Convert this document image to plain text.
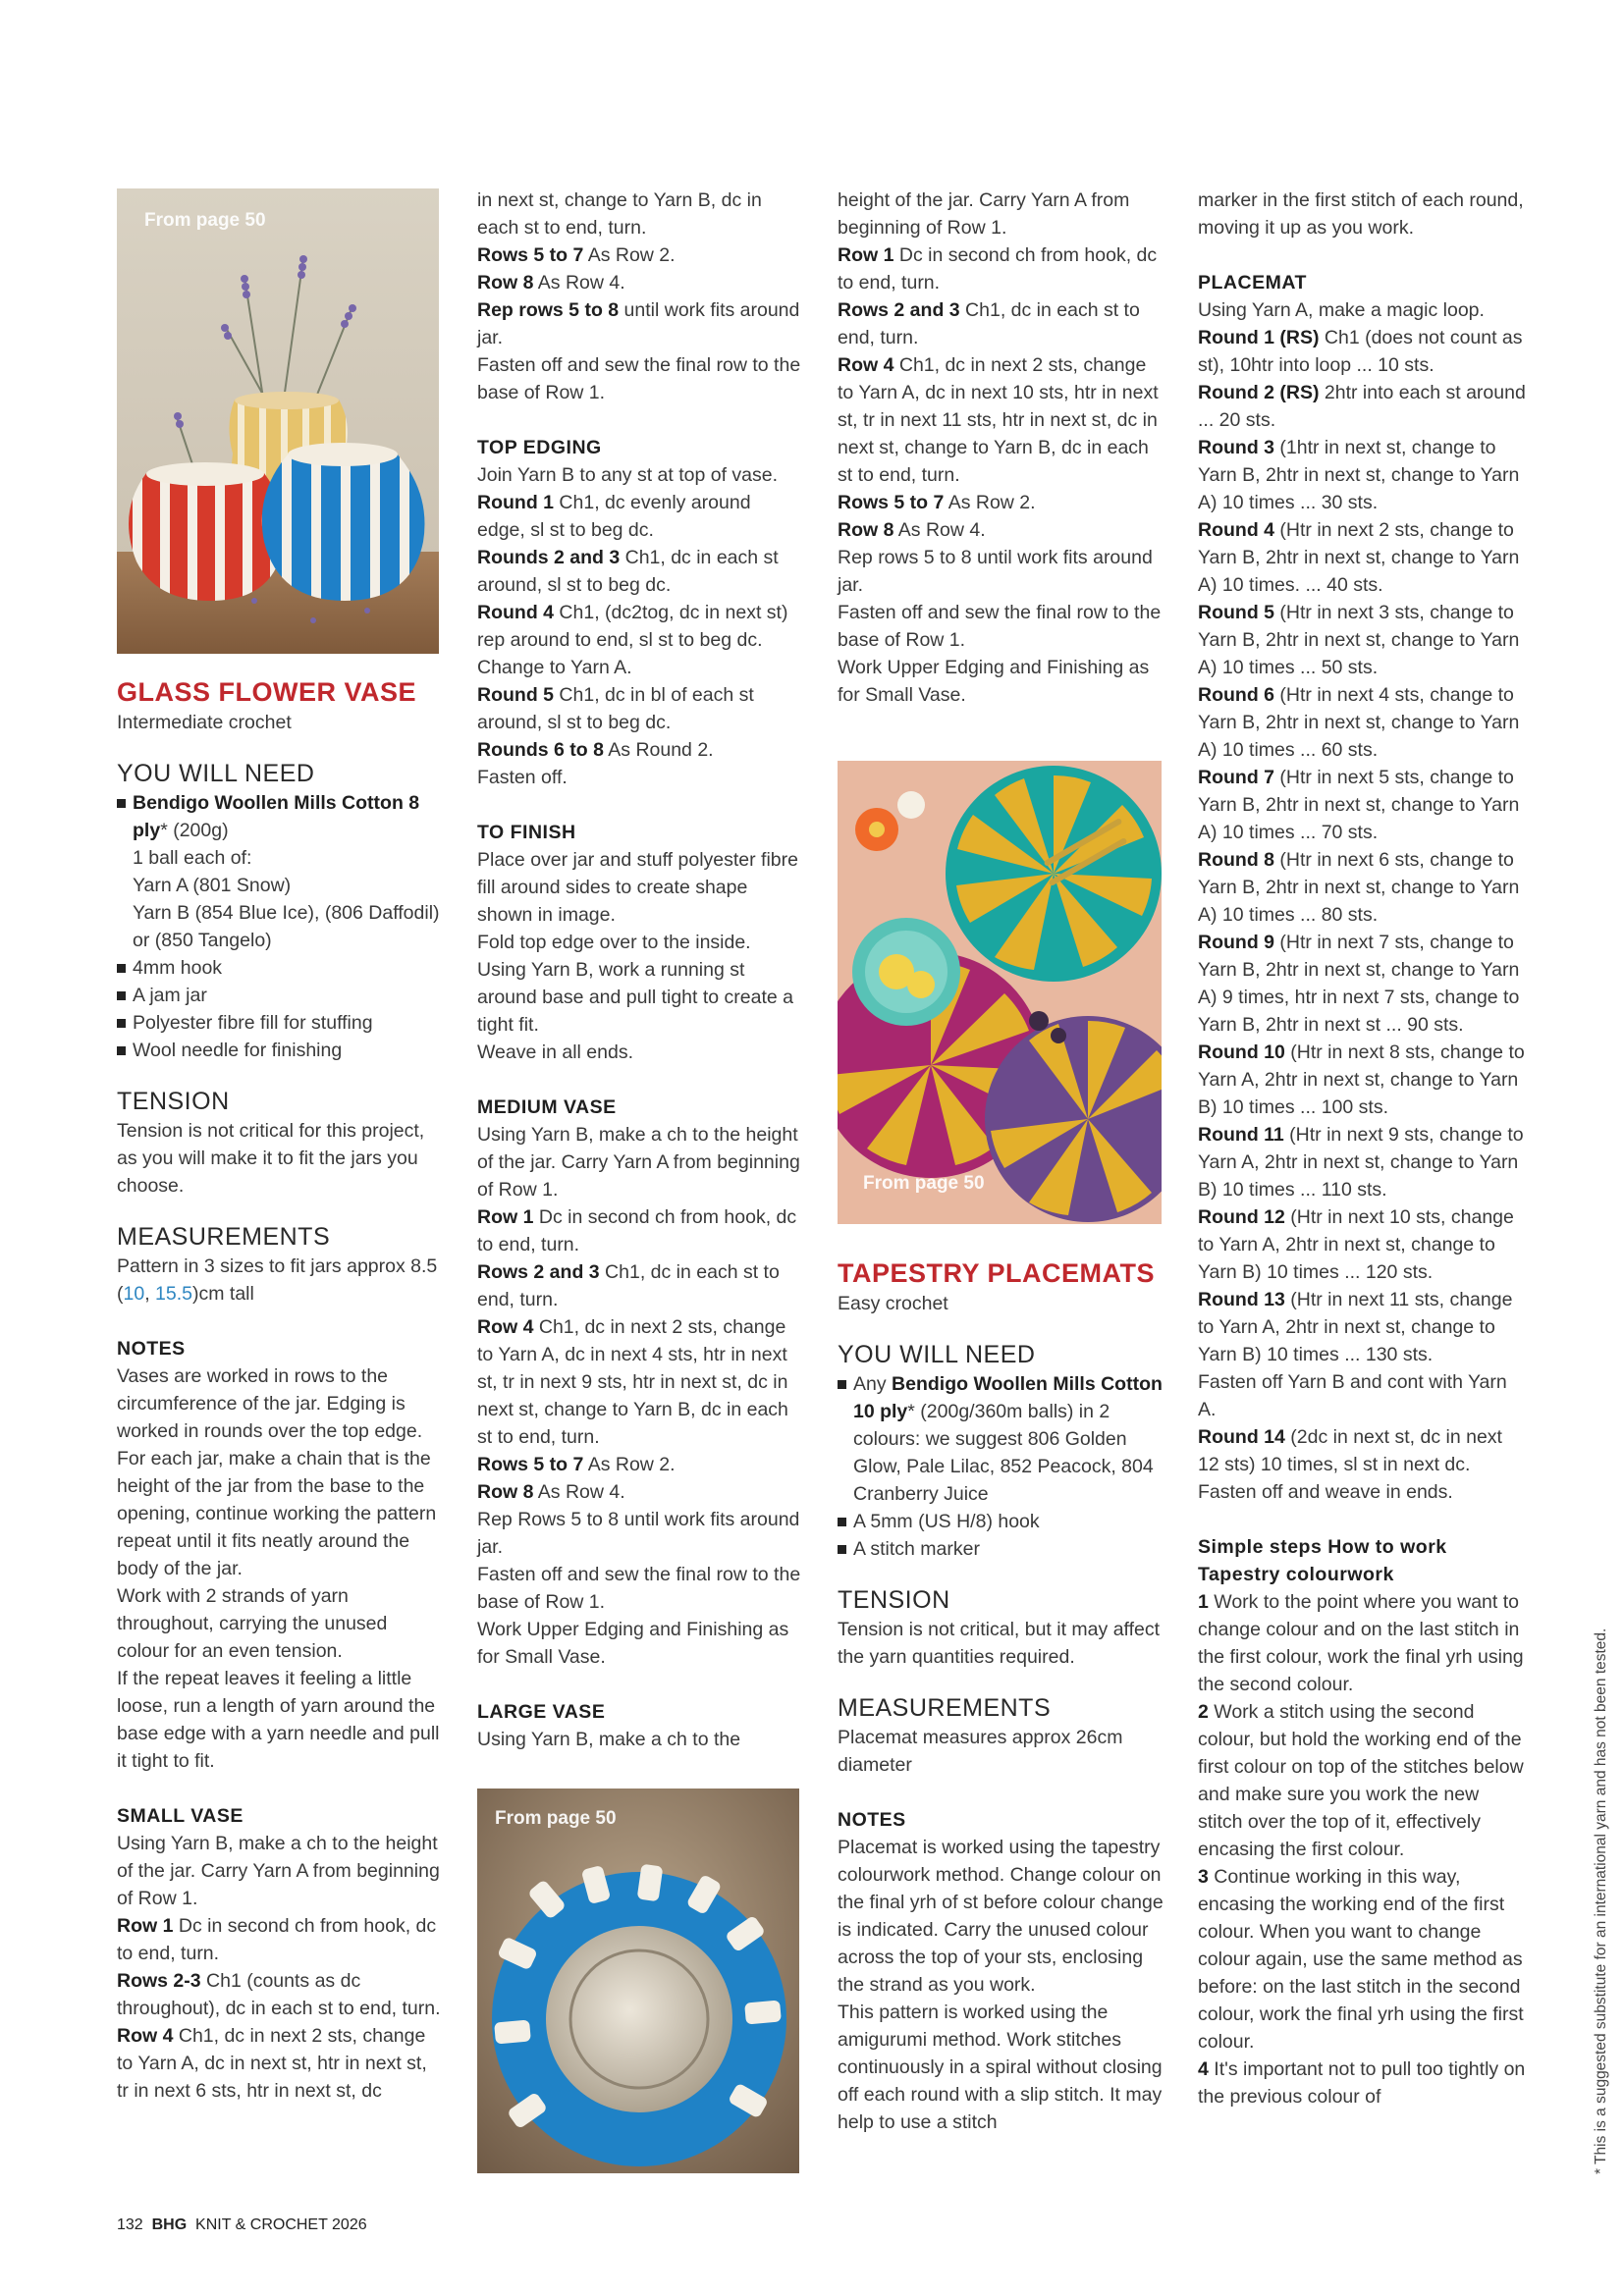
From page 50

GLASS FLOWER VASE

Intermediate crochet

YOU WILL NEED

Bendigo Woollen Mills Cotton 8 ply* (200g)

1 ball each of:

Yarn A (801 Snow)

Yarn B (854 Blue Ice), (806 Daffodil) or (850 Tangelo)

4mm hook

A jam jar

Polyester fibre fill for stuffing

Wool needle for finishing

TENSION

Tension is not critical for this project, as you will make it to fit the jars you choose.

MEASUREMENTS

Pattern in 3 sizes to fit jars approx 8.5 (10, 15.5)cm tall

NOTES

Vases are worked in rows to the circumference of the jar. Edging is worked in rounds over the top edge.

For each jar, make a chain that is the height of the jar from the base to the opening, continue working the pattern repeat until it fits neatly around the body of the jar.

Work with 2 strands of yarn throughout, carrying the unused colour for an even tension.

If the repeat leaves it feeling a little loose, run a length of yarn around the base edge with a yarn needle and pull it tight to fit.

SMALL VASE

Using Yarn B, make a ch to the height of the jar. Carry Yarn A from beginning of Row 1.

Row 1 Dc in second ch from hook, dc to end, turn.

Rows 2-3 Ch1 (counts as dc throughout), dc in each st to end, turn.

Row 4 Ch1, dc in next 2 sts, change to Yarn A, dc in next st, htr in next st, tr in next 6 sts, htr in next st, dc

in next st, change to Yarn B, dc in each st to end, turn.

Rows 5 to 7 As Row 2.

Row 8 As Row 4.

Rep rows 5 to 8 until work fits around jar.

Fasten off and sew the final row to the base of Row 1.

TOP EDGING

Join Yarn B to any st at top of vase.

Round 1 Ch1, dc evenly around edge, sl st to beg dc.

Rounds 2 and 3 Ch1, dc in each st around, sl st to beg dc.

Round 4 Ch1, (dc2tog, dc in next st) rep around to end, sl st to beg dc. Change to Yarn A.

Round 5 Ch1, dc in bl of each st around, sl st to beg dc.

Rounds 6 to 8 As Round 2.

Fasten off.

TO FINISH

Place over jar and stuff polyester fibre fill around sides to create shape shown in image.

Fold top edge over to the inside.

Using Yarn B, work a running st around base and pull tight to create a tight fit.

Weave in all ends.

MEDIUM VASE

Using Yarn B, make a ch to the height of the jar. Carry Yarn A from beginning of Row 1.

Row 1 Dc in second ch from hook, dc to end, turn.

Rows 2 and 3 Ch1, dc in each st to end, turn.

Row 4 Ch1, dc in next 2 sts, change to Yarn A, dc in next 4 sts, htr in next st, tr in next 9 sts, htr in next st, dc in next st, change to Yarn B, dc in each st to end, turn.

Rows 5 to 7 As Row 2.

Row 8 As Row 4.

Rep Rows 5 to 8 until work fits around jar.

Fasten off and sew the final row to the base of Row 1.

Work Upper Edging and Finishing as for Small Vase.

LARGE VASE

Using Yarn B, make a ch to the

From page 50

height of the jar. Carry Yarn A from beginning of Row 1.

Row 1 Dc in second ch from hook, dc to end, turn.

Rows 2 and 3 Ch1, dc in each st to end, turn.

Row 4 Ch1, dc in next 2 sts, change to Yarn A, dc in next 10 sts, htr in next st, tr in next 11 sts, htr in next st, dc in next st, change to Yarn B, dc in each st to end, turn.

Rows 5 to 7 As Row 2.

Row 8 As Row 4.

Rep rows 5 to 8 until work fits around jar.

Fasten off and sew the final row to the base of Row 1.

Work Upper Edging and Finishing as for Small Vase.

From page 50

TAPESTRY PLACEMATS

Easy crochet

YOU WILL NEED

Any Bendigo Woollen Mills Cotton 10 ply* (200g/360m balls) in 2 colours: we suggest 806 Golden Glow, Pale Lilac, 852 Peacock, 804 Cranberry Juice

A 5mm (US H/8) hook

A stitch marker

TENSION

Tension is not critical, but it may affect the yarn quantities required.

MEASUREMENTS

Placemat measures approx 26cm diameter

NOTES

Placemat is worked using the tapestry colourwork method. Change colour on the final yrh of st before colour change is indicated. Carry the unused colour across the top of your sts, enclosing the strand as you work.

This pattern is worked using the amigurumi method. Work stitches continuously in a spiral without closing off each round with a slip stitch. It may help to use a stitch

marker in the first stitch of each round, moving it up as you work.

PLACEMAT

Using Yarn A, make a magic loop.

Round 1 (RS) Ch1 (does not count as st), 10htr into loop ... 10 sts.

Round 2 (RS) 2htr into each st around ... 20 sts.

Round 3 (1htr in next st, change to Yarn B, 2htr in next st, change to Yarn A) 10 times ... 30 sts.

Round 4 (Htr in next 2 sts, change to Yarn B, 2htr in next st, change to Yarn A) 10 times. ... 40 sts.

Round 5 (Htr in next 3 sts, change to Yarn B, 2htr in next st, change to Yarn A) 10 times ... 50 sts.

Round 6 (Htr in next 4 sts, change to Yarn B, 2htr in next st, change to Yarn A) 10 times ... 60 sts.

Round 7 (Htr in next 5 sts, change to Yarn B, 2htr in next st, change to Yarn A) 10 times ... 70 sts.

Round 8 (Htr in next 6 sts, change to Yarn B, 2htr in next st, change to Yarn A) 10 times ... 80 sts.

Round 9 (Htr in next 7 sts, change to Yarn B, 2htr in next st, change to Yarn A) 9 times, htr in next 7 sts, change to Yarn B, 2htr in next st ... 90 sts.

Round 10 (Htr in next 8 sts, change to Yarn A, 2htr in next st, change to Yarn B) 10 times ... 100 sts.

Round 11 (Htr in next 9 sts, change to Yarn A, 2htr in next st, change to Yarn B) 10 times ... 110 sts.

Round 12 (Htr in next 10 sts, change to Yarn A, 2htr in next st, change to Yarn B) 10 times ... 120 sts.

Round 13 (Htr in next 11 sts, change to Yarn A, 2htr in next st, change to Yarn B) 10 times ... 130 sts.

Fasten off Yarn B and cont with Yarn A.

Round 14 (2dc in next st, dc in next 12 sts) 10 times, sl st in next dc.

Fasten off and weave in ends.

Simple steps How to work Tapestry colourwork

1 Work to the point where you want to change colour and on the last stitch in the first colour, work the final yrh using the second colour.

2 Work a stitch using the second colour, but hold the working end of the first colour on top of the stitches below and make sure you work the new stitch over the top of it, effectively encasing the first colour.

3 Continue working in this way, encasing the working end of the first colour. When you want to change colour again, use the same method as before: on the last stitch in the second colour, work the final yrh using the first colour.

4 It's important not to pull too tightly on the previous colour of	* This is a suggested substitute for an international yarn and has not been tested.
132 BHG KNIT & CROCHET 2026
